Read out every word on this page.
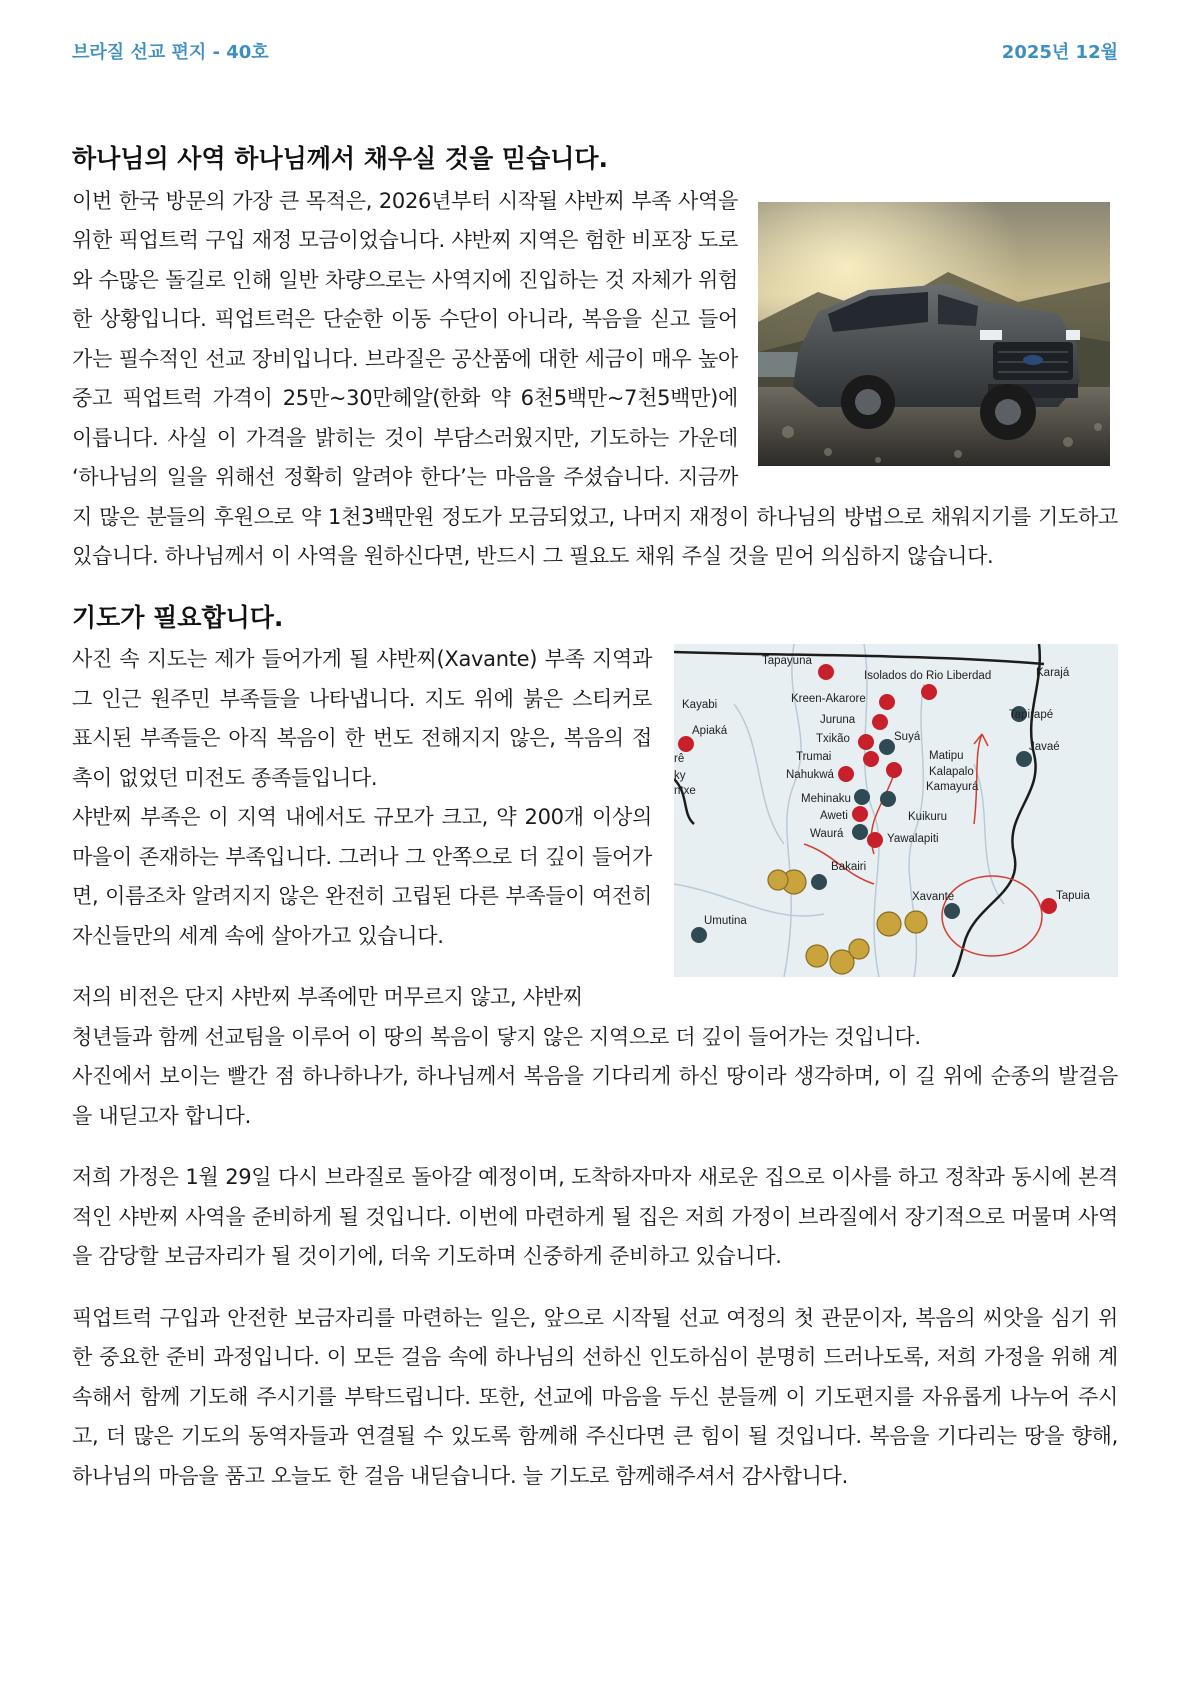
브라질 선교 편지 - 40호	2025년 12월
하나님의 사역 하나님께서 채우실 것을 믿습니다.

이번 한국 방문의 가장 큰 목적은, 2026년부터 시작될 샤반찌 부족 사역을 위한 픽업트럭 구입 재정 모금이었습니다. 샤반찌 지역은 험한 비포장 도로와 수많은 돌길로 인해 일반 차량으로는 사역지에 진입하는 것 자체가 위험한 상황입니다. 픽업트럭은 단순한 이동 수단이 아니라, 복음을 싣고 들어가는 필수적인 선교 장비입니다. 브라질은 공산품에 대한 세금이 매우 높아 중고 픽업트럭 가격이 25만~30만헤알(한화 약 6천5백만~7천5백만)에 이릅니다. 사실 이 가격을 밝히는 것이 부담스러웠지만, 기도하는 가운데 ‘하나님의 일을 위해선 정확히 알려야 한다’는 마음을 주셨습니다. 지금까지 많은 분들의 후원으로 약 1천3백만원 정도가 모금되었고, 나머지 재정이 하나님의 방법으로 채워지기를 기도하고 있습니다. 하나님께서 이 사역을 원하신다면, 반드시 그 필요도 채워 주실 것을 믿어 의심하지 않습니다.

기도가 필요합니다.
Tapayuna
Isolados do Rio Liberdad	Karajá
Kayabi	Kreen-Akarore
Apiaká
Juruna	Tapirapé
Suyá
Txikão
Javaé
Trumai	Matipu
Nahukwá	Kalapalo
Kamayurá
Mehinaku
Aweti	Kuikuru
Waurá	Yawalapiti
Bakairi
Xavante	Tapuia
Umutina
ntxe
ky
rê

사진 속 지도는 제가 들어가게 될 샤반찌(Xavante) 부족 지역과 그 인근 원주민 부족들을 나타냅니다. 지도 위에 붉은 스티커로 표시된 부족들은 아직 복음이 한 번도 전해지지 않은, 복음의 접촉이 없었던 미전도 종족들입니다.

샤반찌 부족은 이 지역 내에서도 규모가 크고, 약 200개 이상의 마을이 존재하는 부족입니다. 그러나 그 안쪽으로 더 깊이 들어가면, 이름조차 알려지지 않은 완전히 고립된 다른 부족들이 여전히 자신들만의 세계 속에 살아가고 있습니다.

저의 비전은 단지 샤반찌 부족에만 머무르지 않고, 샤반찌

청년들과 함께 선교팀을 이루어 이 땅의 복음이 닿지 않은 지역으로 더 깊이 들어가는 것입니다.

사진에서 보이는 빨간 점 하나하나가, 하나님께서 복음을 기다리게 하신 땅이라 생각하며, 이 길 위에 순종의 발걸음을 내딛고자 합니다.

저희 가정은 1월 29일 다시 브라질로 돌아갈 예정이며, 도착하자마자 새로운 집으로 이사를 하고 정착과 동시에 본격적인 샤반찌 사역을 준비하게 될 것입니다. 이번에 마련하게 될 집은 저희 가정이 브라질에서 장기적으로 머물며 사역을 감당할 보금자리가 될 것이기에, 더욱 기도하며 신중하게 준비하고 있습니다.

픽업트럭 구입과 안전한 보금자리를 마련하는 일은, 앞으로 시작될 선교 여정의 첫 관문이자, 복음의 씨앗을 심기 위한 중요한 준비 과정입니다. 이 모든 걸음 속에 하나님의 선하신 인도하심이 분명히 드러나도록, 저희 가정을 위해 계속해서 함께 기도해 주시기를 부탁드립니다. 또한, 선교에 마음을 두신 분들께 이 기도편지를 자유롭게 나누어 주시고, 더 많은 기도의 동역자들과 연결될 수 있도록 함께해 주신다면 큰 힘이 될 것입니다. 복음을 기다리는 땅을 향해, 하나님의 마음을 품고 오늘도 한 걸음 내딛습니다. 늘 기도로 함께해주셔서 감사합니다.
